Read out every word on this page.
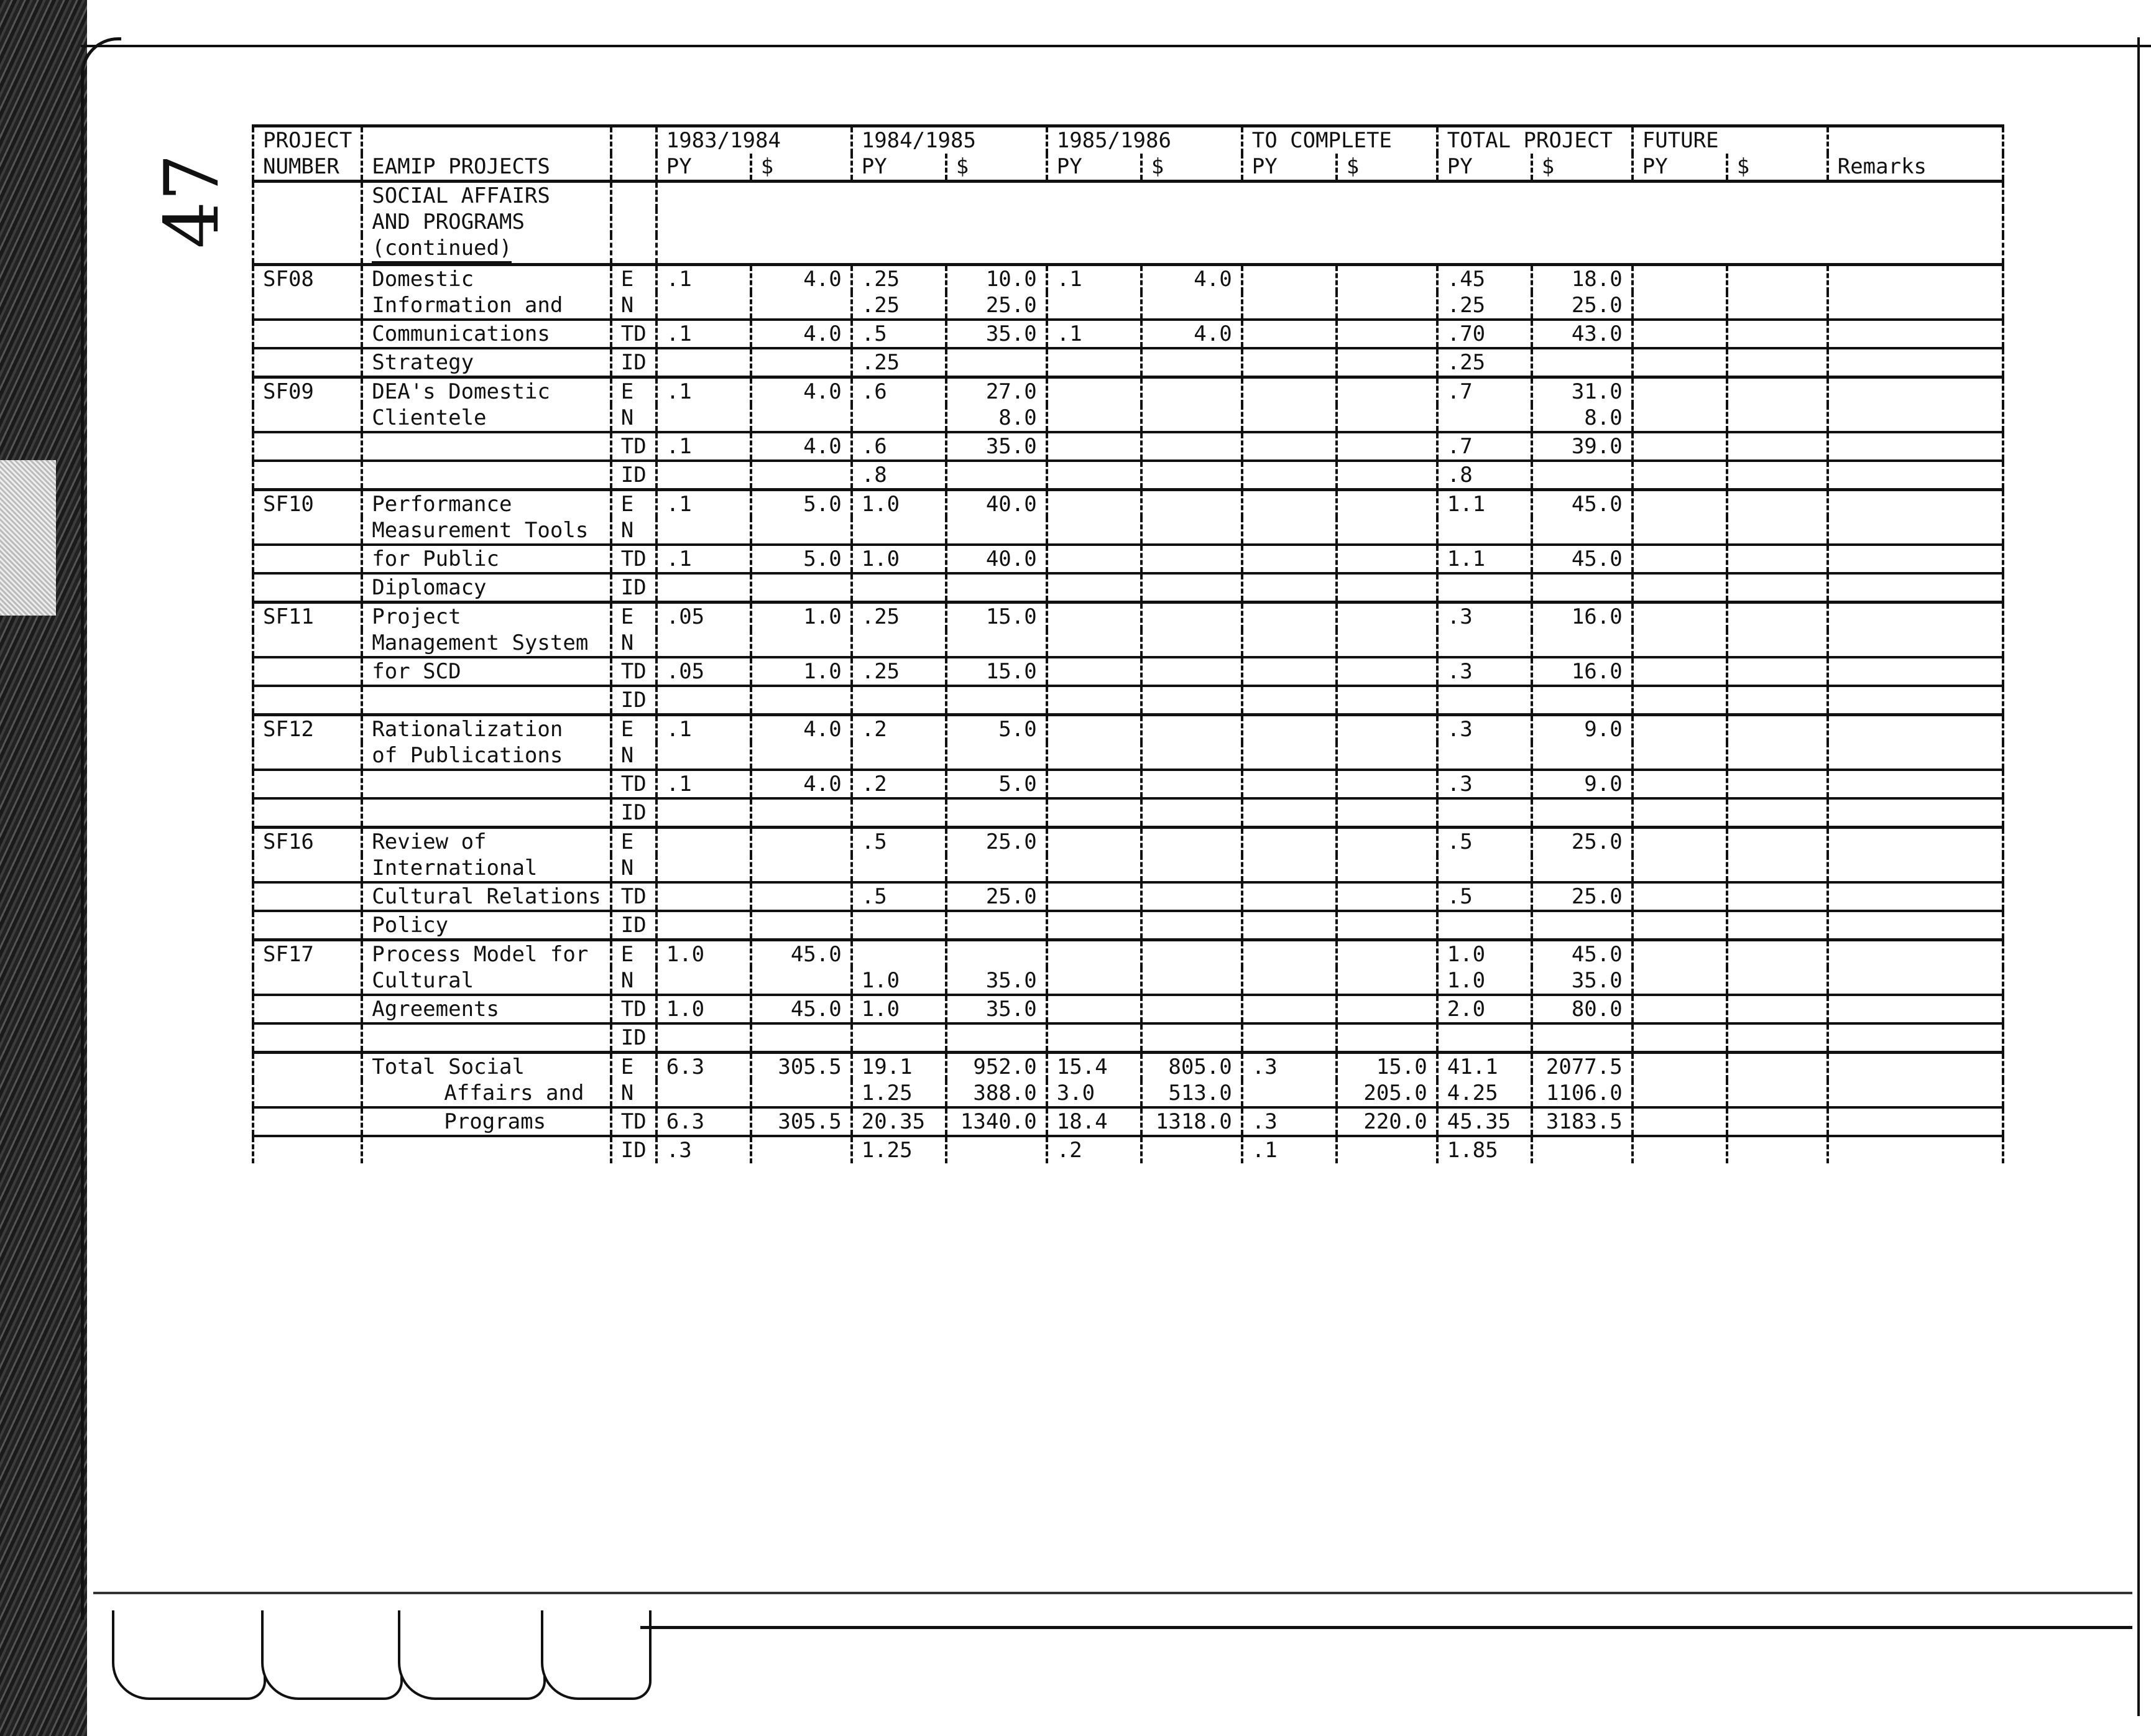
47
PROJECT			1983/1984		1984/1985		1985/1986		TO COMPLETE		TOTAL PROJECT		FUTURE		
NUMBER	EAMIP PROJECTS		PY	$	PY	$	PY	$	PY	$	PY	$	PY	$	Remarks
	SOCIAL AFFAIRS														
	AND PROGRAMS														
	(continued)														
SF08	Domestic	E	.1	4.0	.25	10.0	.1	4.0			.45	18.0			
	Information and	N			.25	25.0					.25	25.0			
	Communications	TD	.1	4.0	.5	35.0	.1	4.0			.70	43.0			
	Strategy	ID			.25						.25				
SF09	DEA's Domestic	E	.1	4.0	.6	27.0					.7	31.0			
	Clientele	N				8.0						8.0			
		TD	.1	4.0	.6	35.0					.7	39.0			
		ID			.8						.8				
SF10	Performance	E	.1	5.0	1.0	40.0					1.1	45.0			
	Measurement Tools	N													
	for Public	TD	.1	5.0	1.0	40.0					1.1	45.0			
	Diplomacy	ID													
SF11	Project	E	.05	1.0	.25	15.0					.3	16.0			
	Management System	N													
	for SCD	TD	.05	1.0	.25	15.0					.3	16.0			
		ID													
SF12	Rationalization	E	.1	4.0	.2	5.0					.3	9.0			
	of Publications	N													
		TD	.1	4.0	.2	5.0					.3	9.0			
		ID													
SF16	Review of	E			.5	25.0					.5	25.0			
	International	N													
	Cultural Relations	TD			.5	25.0					.5	25.0			
	Policy	ID													
SF17	Process Model for	E	1.0	45.0							1.0	45.0			
	Cultural	N			1.0	35.0					1.0	35.0			
	Agreements	TD	1.0	45.0	1.0	35.0					2.0	80.0			
		ID													
	Total Social	E	6.3	305.5	19.1	952.0	15.4	805.0	.3	15.0	41.1	2077.5			
	Affairs and	N			1.25	388.0	3.0	513.0		205.0	4.25	1106.0			
	Programs	TD	6.3	305.5	20.35	1340.0	18.4	1318.0	.3	220.0	45.35	3183.5			
		ID	.3		1.25		.2		.1		1.85				
